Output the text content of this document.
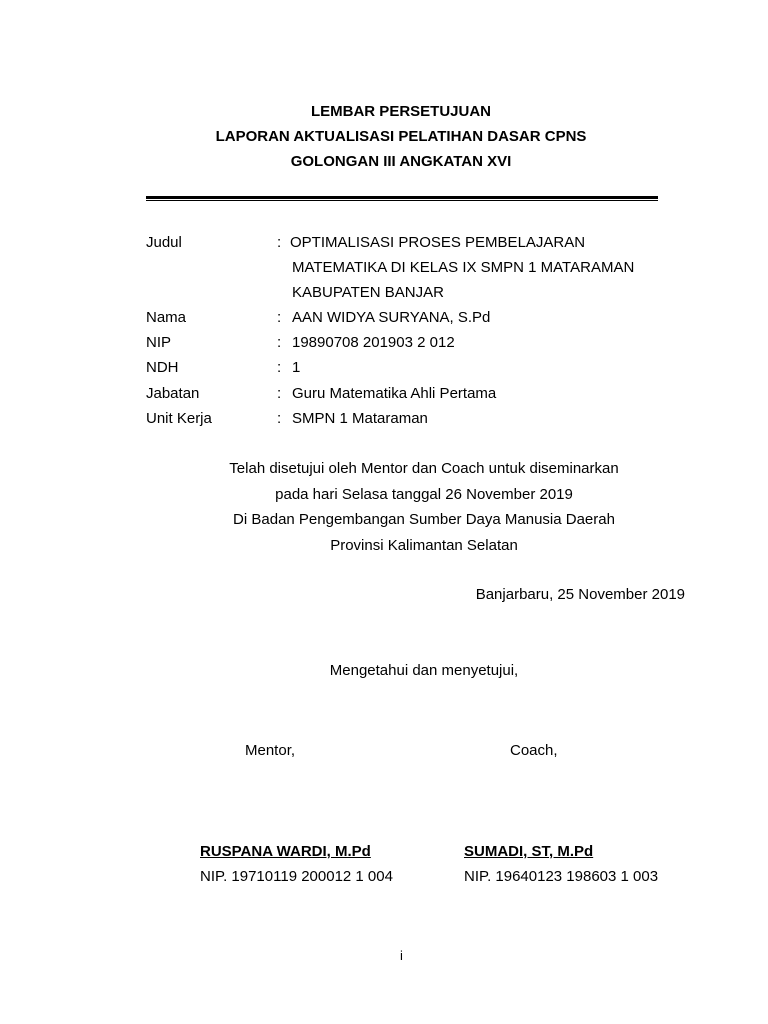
LEMBAR PERSETUJUAN
LAPORAN AKTUALISASI PELATIHAN DASAR CPNS
GOLONGAN III ANGKATAN XVI
Judul	: OPTIMALISASI PROSES PEMBELAJARAN
MATEMATIKA DI KELAS IX SMPN 1 MATARAMAN
KABUPATEN BANJAR
Nama	: AAN WIDYA SURYANA, S.Pd
NIP	: 19890708 201903 2 012
NDH	: 1
Jabatan	: Guru Matematika Ahli Pertama
Unit Kerja	: SMPN 1 Mataraman
Telah disetujui oleh Mentor dan Coach untuk diseminarkan
pada hari Selasa tanggal 26 November 2019
Di Badan Pengembangan Sumber Daya Manusia Daerah
Provinsi Kalimantan Selatan
Banjarbaru, 25 November 2019
Mengetahui dan menyetujui,
Mentor,	Coach,
RUSPANA WARDI, M.Pd	SUMADI, ST, M.Pd
NIP. 19710119 200012 1 004	NIP. 19640123 198603 1 003
i
